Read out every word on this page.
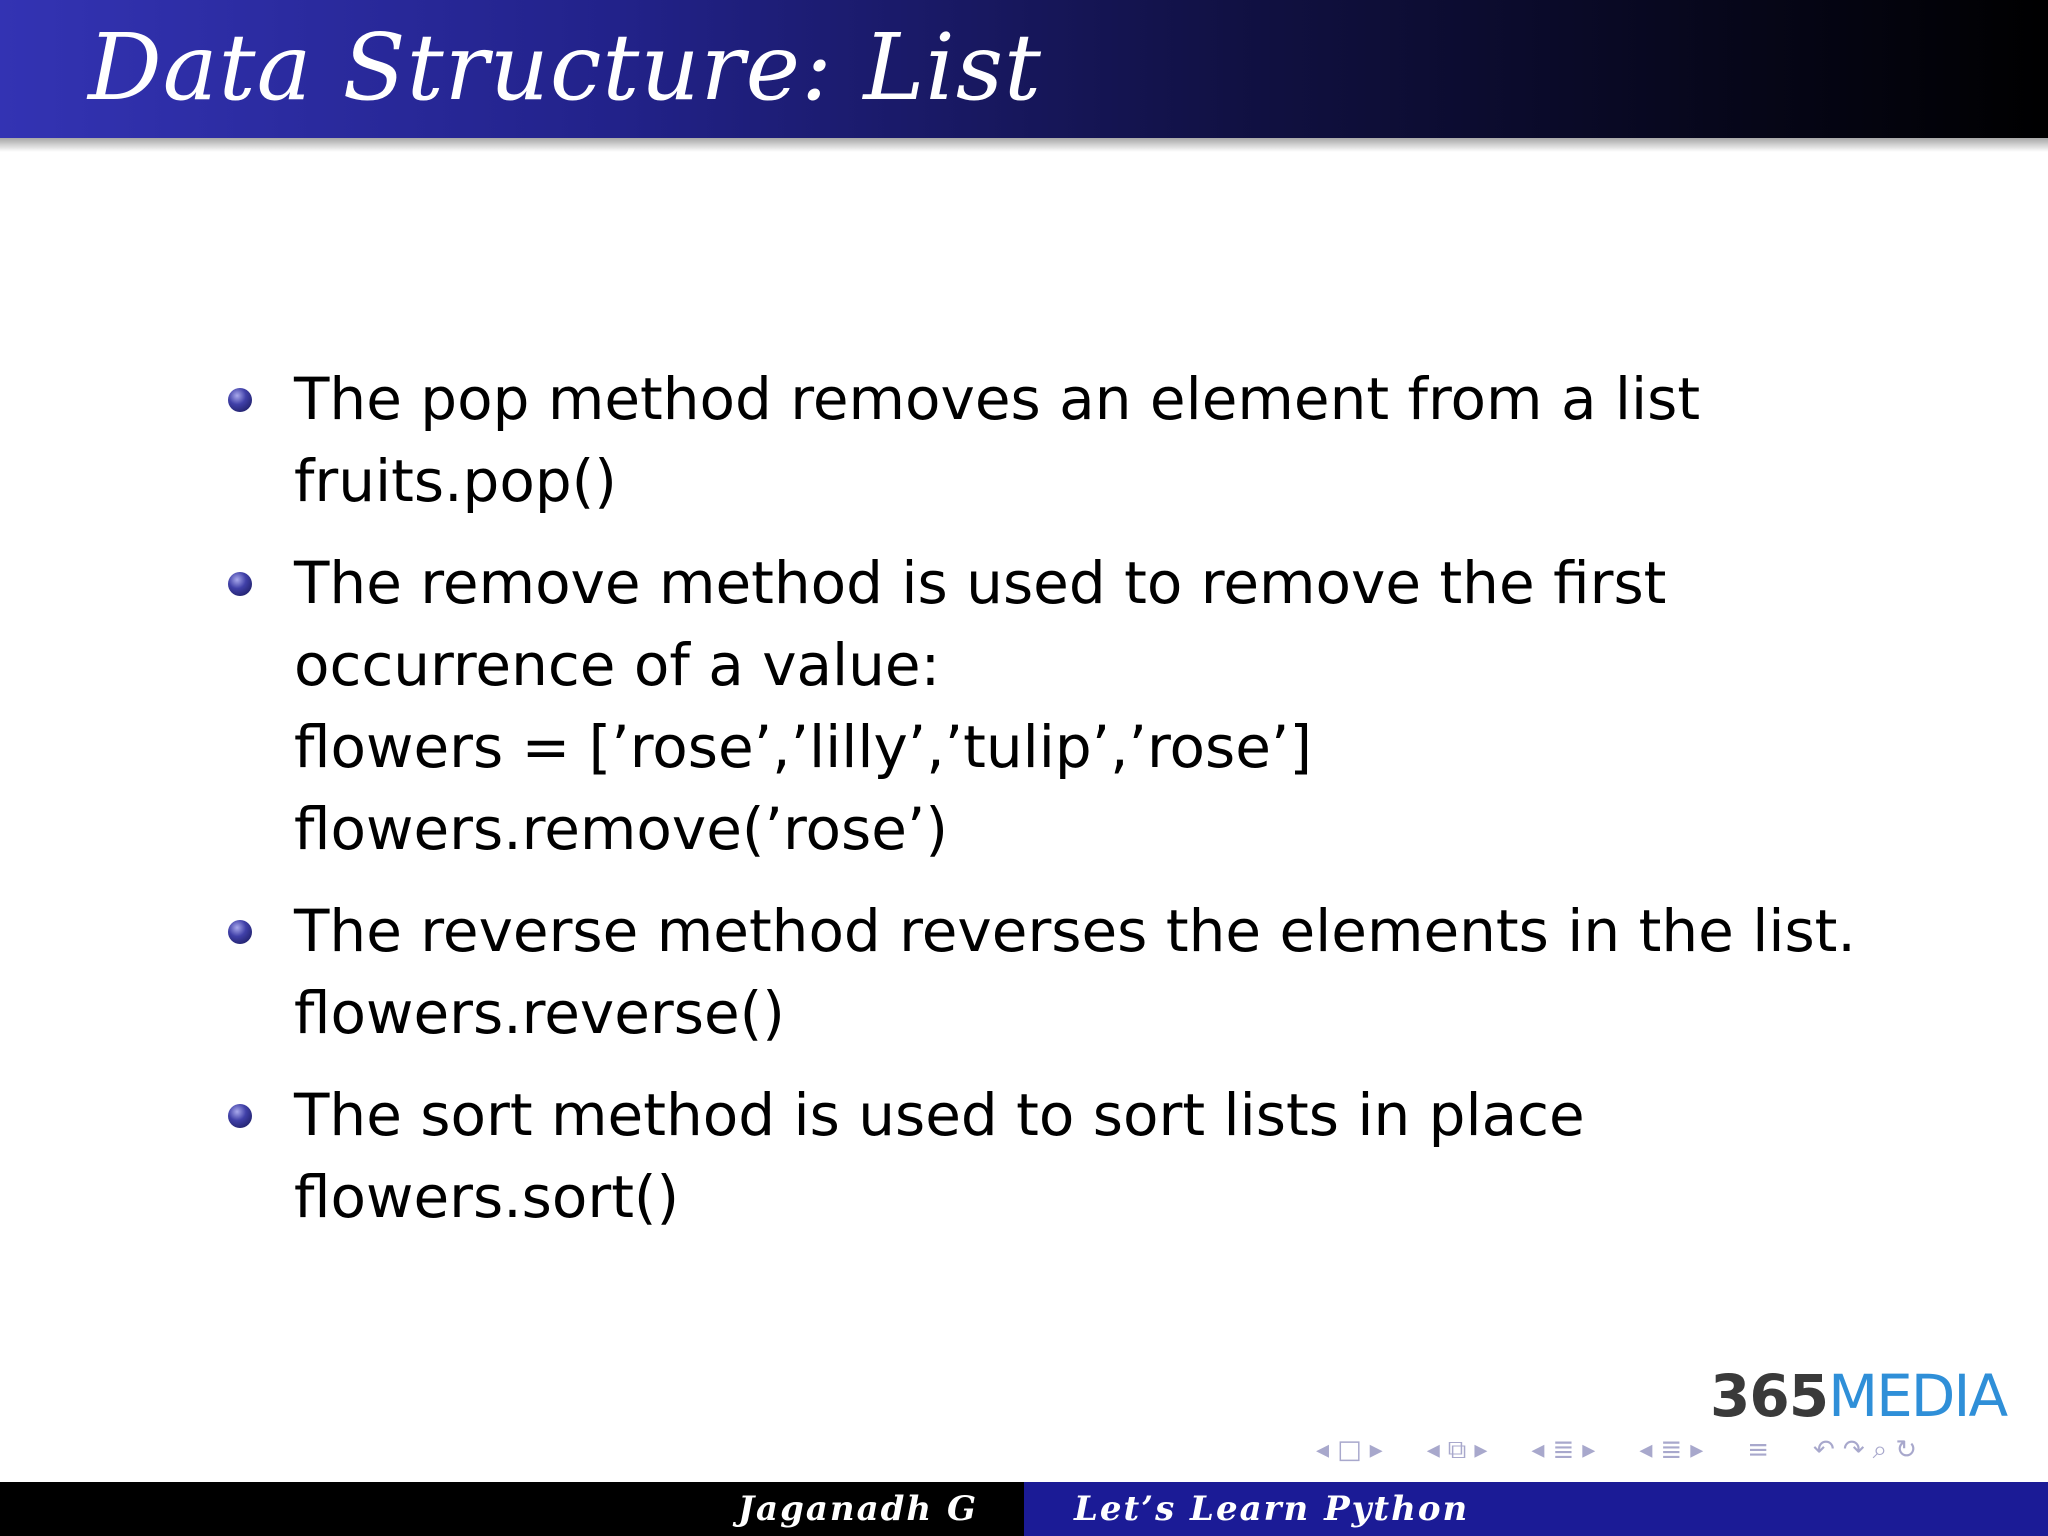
Data Structure: List
The pop method removes an element from a list
fruits.pop()
The remove method is used to remove the first
occurrence of a value:
flowers = [’rose’,’lilly’,’tulip’,’rose’]
flowers.remove(’rose’)
The reverse method reverses the elements in the list.
flowers.reverse()
The sort method is used to sort lists in place
flowers.sort()
365MEDIA
◂ □ ▸ ◂ ⧉ ▸ ◂ ≣ ▸ ◂ ≣ ▸ ≡ ↶ ↷ ⌕ ↻
Jaganadh G	Let’s Learn Python
